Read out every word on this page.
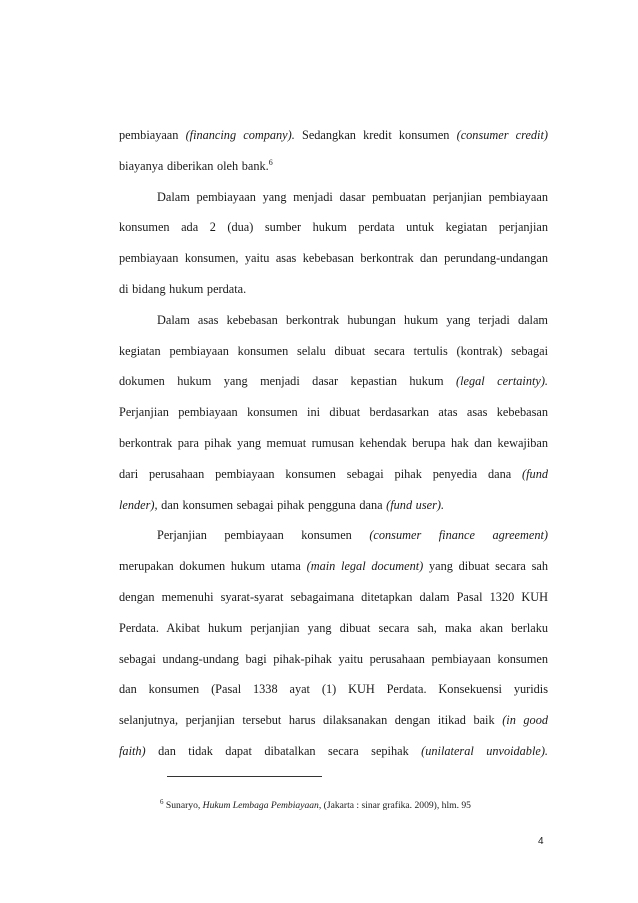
pembiayaan (financing company). Sedangkan kredit konsumen (consumer credit)
biayanya diberikan oleh bank.$^6$
Dalam pembiayaan yang menjadi dasar pembuatan perjanjian pembiayaan
konsumen ada 2 (dua) sumber hukum perdata untuk kegiatan perjanjian
pembiayaan konsumen, yaitu asas kebebasan berkontrak dan perundang-undangan
di bidang hukum perdata.
Dalam asas kebebasan berkontrak hubungan hukum yang terjadi dalam
kegiatan pembiayaan konsumen selalu dibuat secara tertulis (kontrak) sebagai
dokumen hukum yang menjadi dasar kepastian hukum (legal certainty).
Perjanjian pembiayaan konsumen ini dibuat berdasarkan atas asas kebebasan
berkontrak para pihak yang memuat rumusan kehendak berupa hak dan kewajiban
dari perusahaan pembiayaan konsumen sebagai pihak penyedia dana (fund
lender), dan konsumen sebagai pihak pengguna dana (fund user).
Perjanjian pembiayaan konsumen (consumer finance agreement)
merupakan dokumen hukum utama (main legal document) yang dibuat secara sah
dengan memenuhi syarat-syarat sebagaimana ditetapkan dalam Pasal 1320 KUH
Perdata. Akibat hukum perjanjian yang dibuat secara sah, maka akan berlaku
sebagai undang-undang bagi pihak-pihak yaitu perusahaan pembiayaan konsumen
dan konsumen (Pasal 1338 ayat (1) KUH Perdata. Konsekuensi yuridis
selanjutnya, perjanjian tersebut harus dilaksanakan dengan itikad baik (in good
faith) dan tidak dapat dibatalkan secara sepihak (unilateral unvoidable).
$^6$ Sunaryo, Hukum Lembaga Pembiayaan, (Jakarta : sinar grafika. 2009), hlm. 95
4
